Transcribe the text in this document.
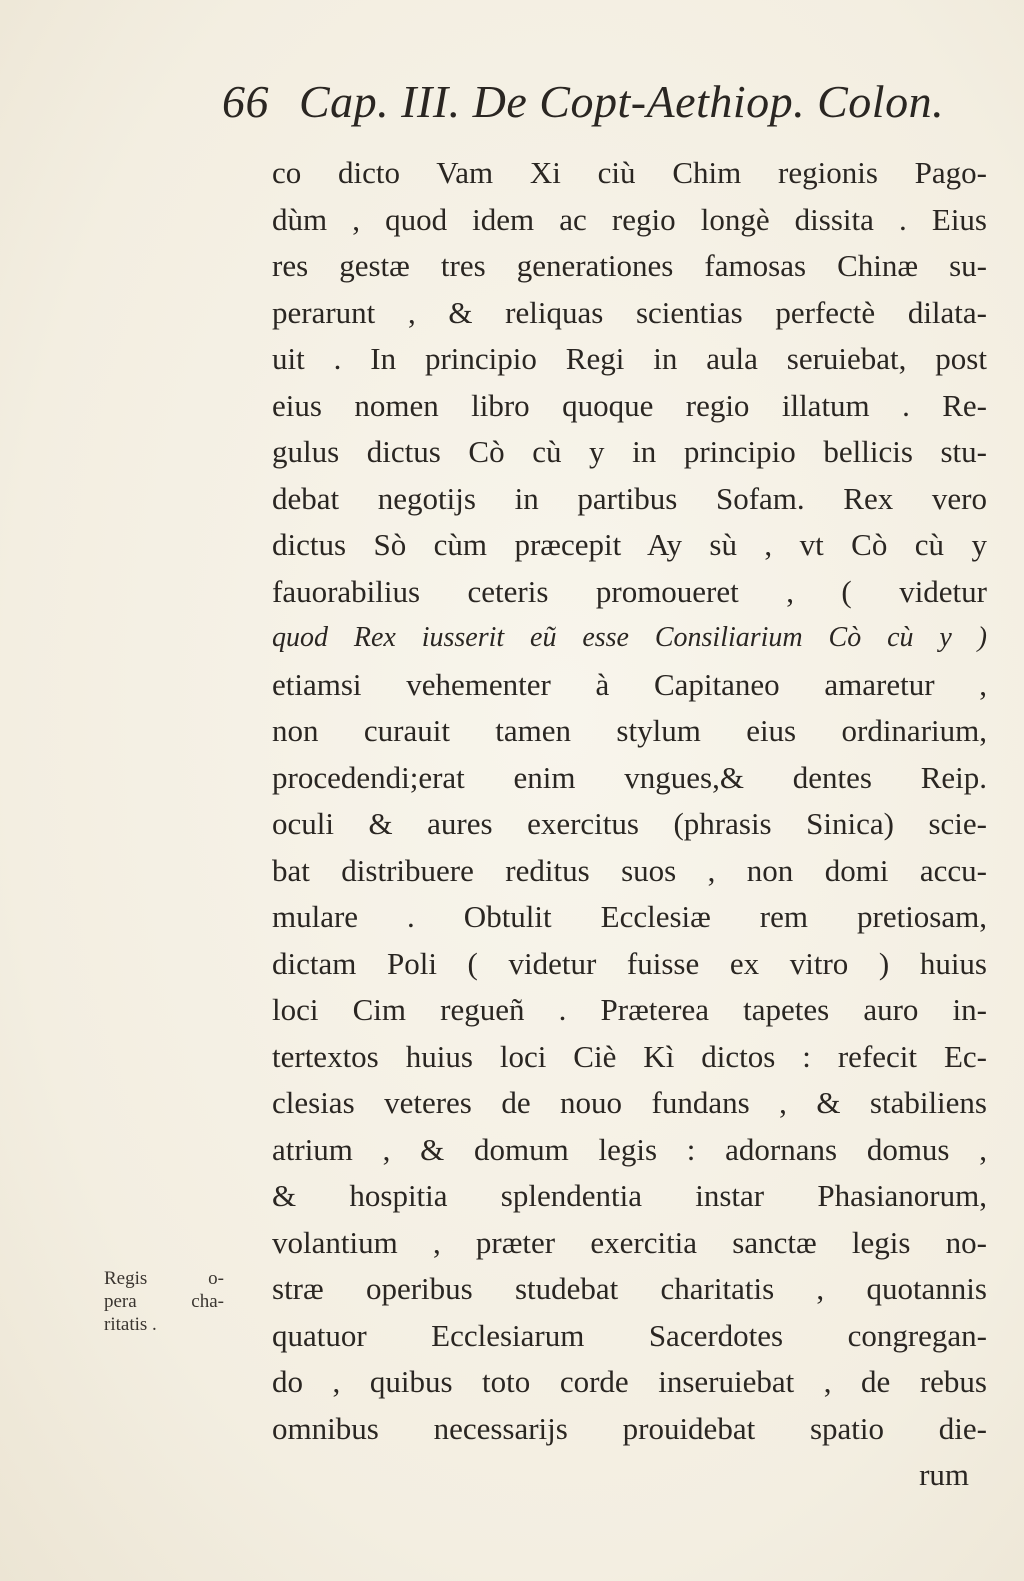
66 Cap. III. De Copt-Aethiop. Colon.
co dicto Vam Xi ciù Chim regionis Pago-
dùm , quod idem ac regio longè dissita . Eius
res gestæ tres generationes famosas Chinæ su-
perarunt , & reliquas scientias perfectè dilata-
uit . In principio Regi in aula seruiebat, post
eius nomen libro quoque regio illatum . Re-
gulus dictus Cò cù y in principio bellicis stu-
debat negotijs in partibus Sofam. Rex vero
dictus Sò cùm præcepit Ay sù , vt Cò cù y
fauorabilius ceteris promoueret , ( videtur
quod Rex iusserit eũ esse Consiliarium Cò cù y )
etiamsi vehementer à Capitaneo amaretur ,
non curauit tamen stylum eius ordinarium,
procedendi;erat enim vngues,& dentes Reip.
oculi & aures exercitus (phrasis Sinica) scie-
bat distribuere reditus suos , non domi accu-
mulare . Obtulit Ecclesiæ rem pretiosam,
dictam Poli ( videtur fuisse ex vitro ) huius
loci Cim regueñ . Præterea tapetes auro in-
tertextos huius loci Ciè Kì dictos : refecit Ec-
clesias veteres de nouo fundans , & stabiliens
atrium , & domum legis : adornans domus ,
& hospitia splendentia instar Phasianorum,
volantium , præter exercitia sanctæ legis no-
stræ operibus studebat charitatis , quotannis
quatuor Ecclesiarum Sacerdotes congregan-
do , quibus toto corde inseruiebat , de rebus
omnibus necessarijs prouidebat spatio die-
rum
Regis o-
pera cha-
ritatis .
